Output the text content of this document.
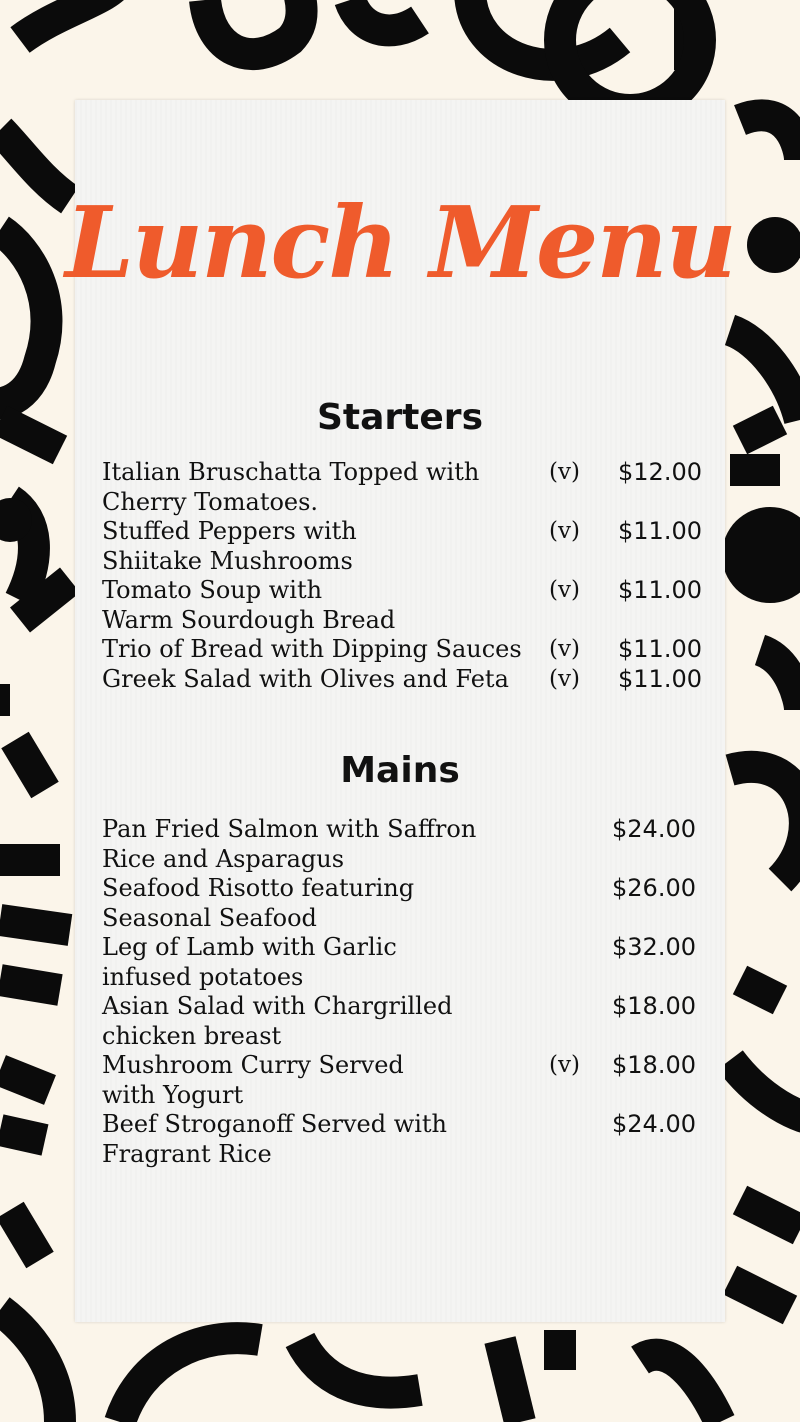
Lunch Menu
Starters
Italian Bruschatta Topped with
Cherry Tomatoes.
(v) $12.00
Stuffed Peppers with
Shiitake Mushrooms
(v) $11.00
Tomato Soup with
Warm Sourdough Bread
(v) $11.00
Trio of Bread with Dipping Sauces (v) $11.00
Greek Salad with Olives and Feta (v) $11.00
Mains
Pan Fried Salmon with Saffron
Rice and Asparagus
$24.00
Seafood Risotto featuring
Seasonal Seafood
$26.00
Leg of Lamb with Garlic
infused potatoes
$32.00
Asian Salad with Chargrilled
chicken breast
$18.00
Mushroom Curry Served
with Yogurt
(v) $18.00
Beef Stroganoff Served with
Fragrant Rice
$24.00
